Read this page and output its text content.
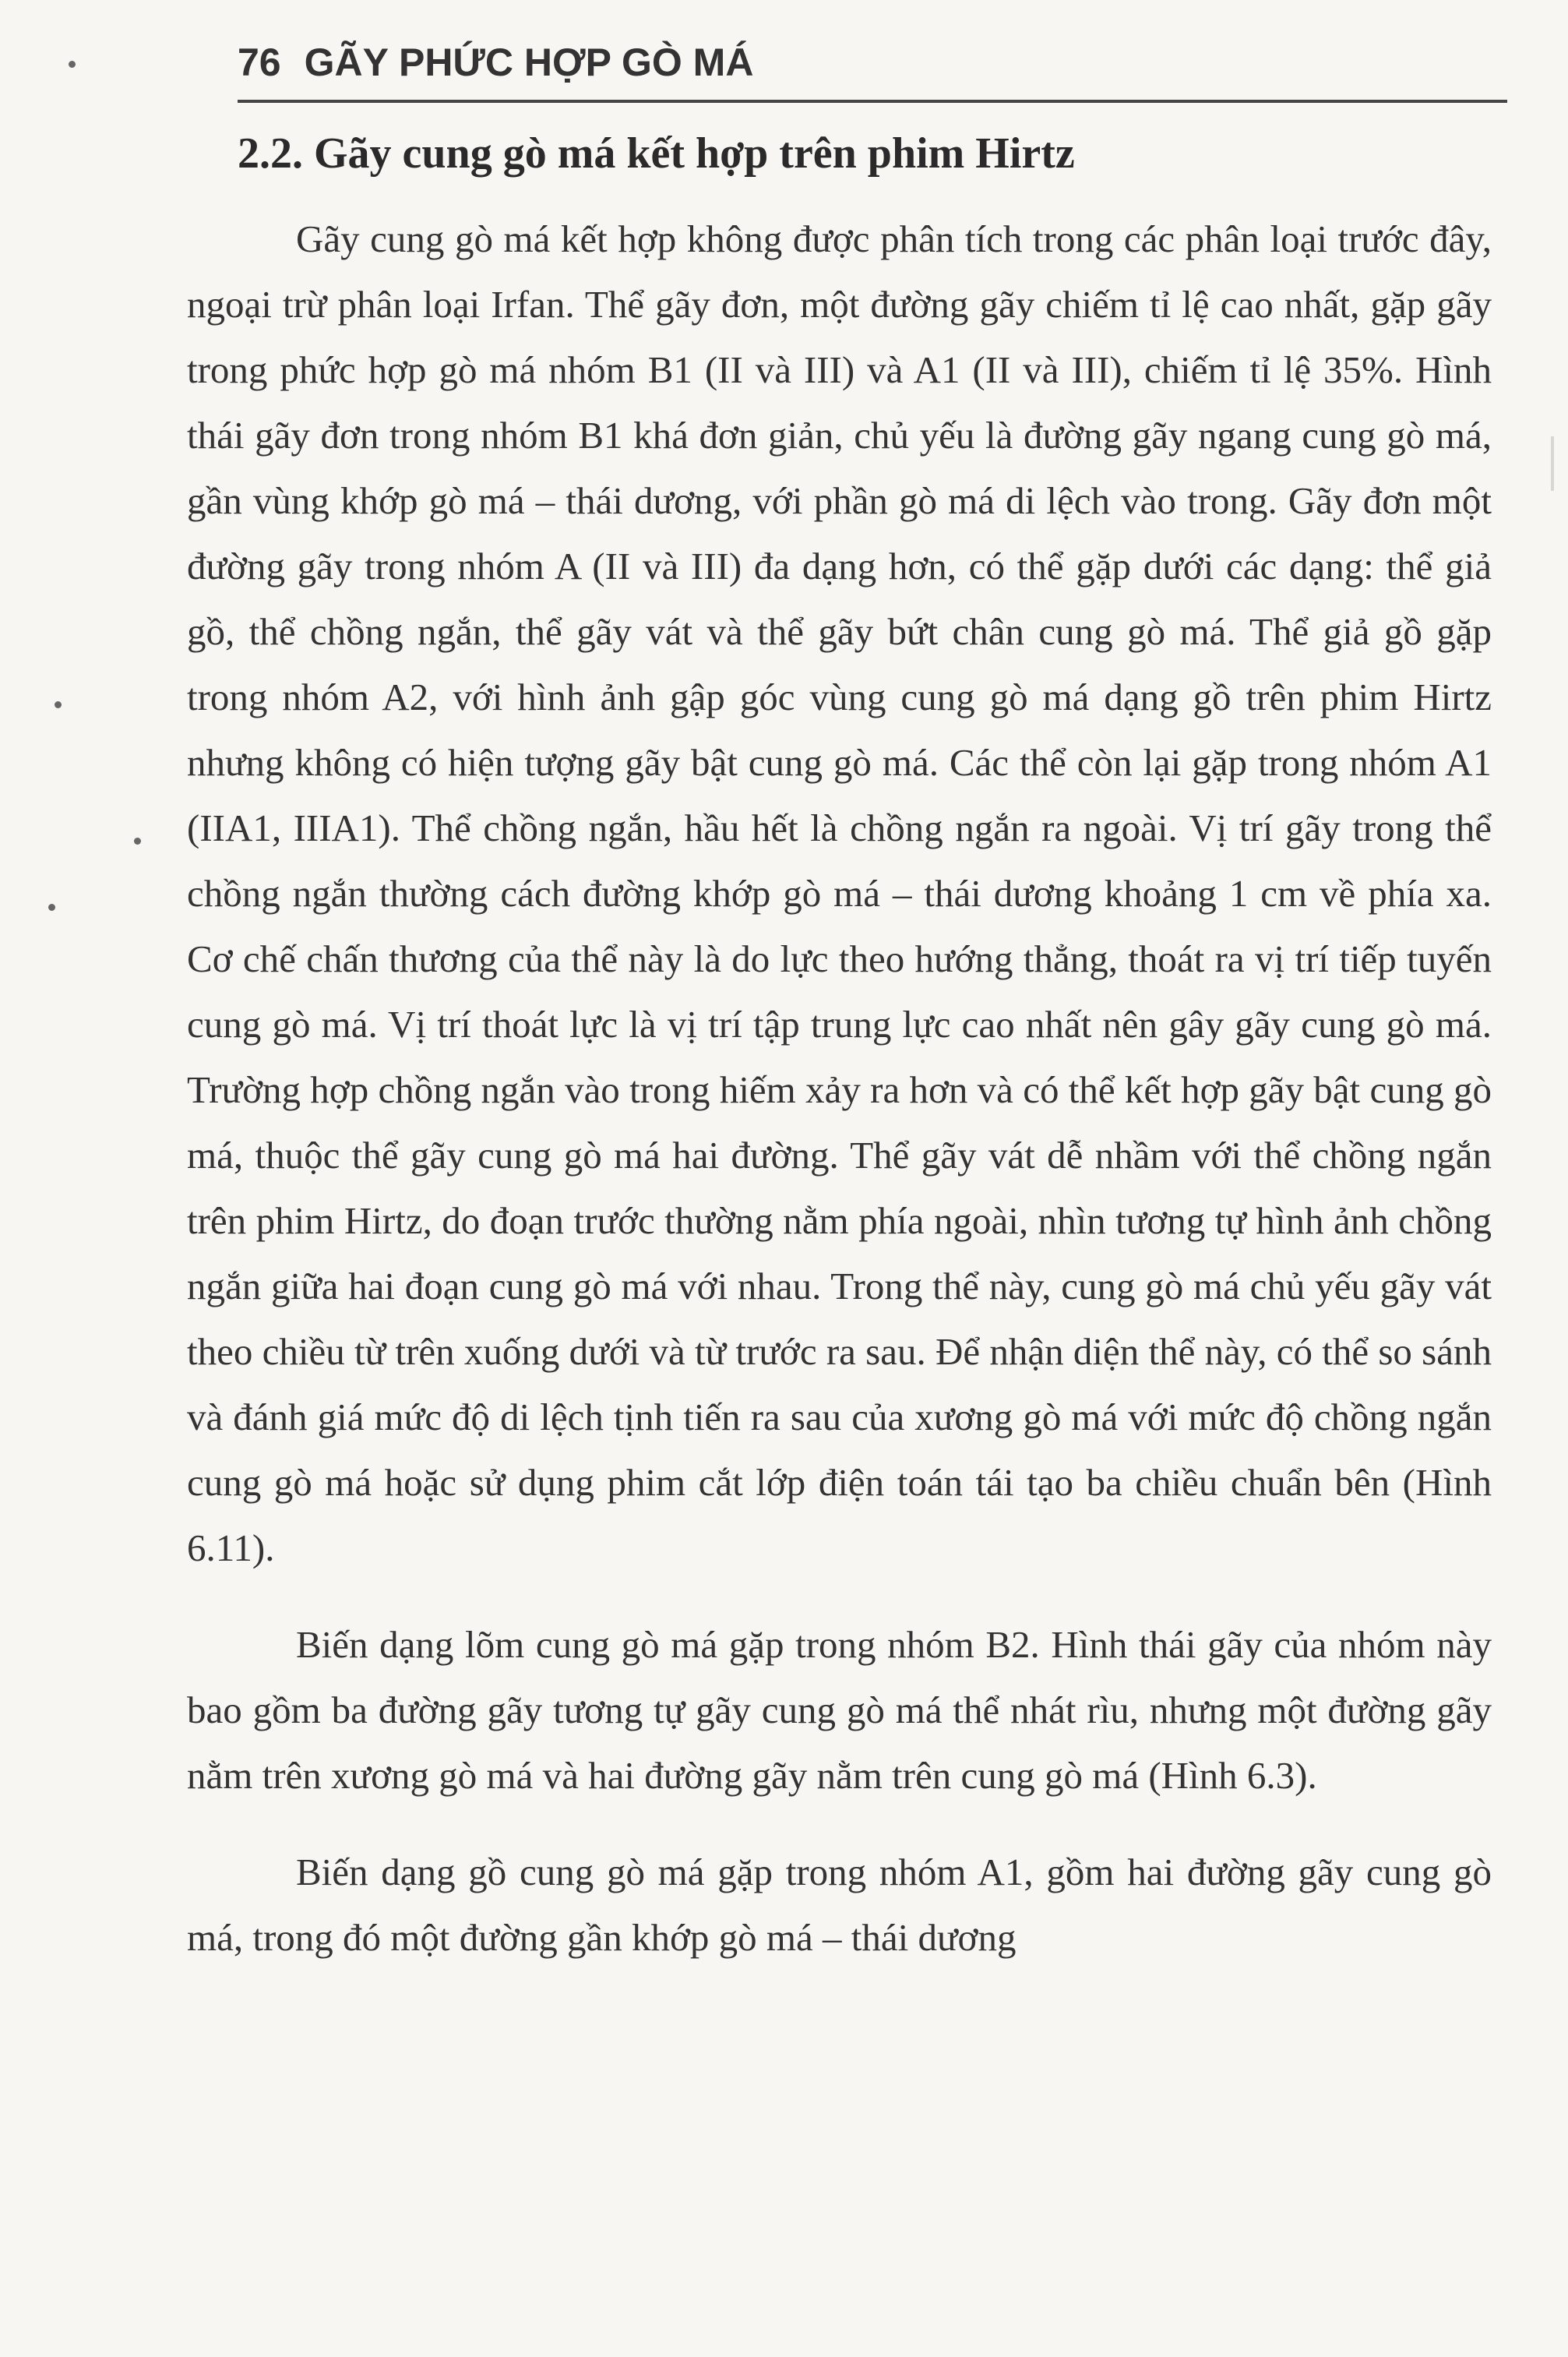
76 GÃY PHỨC HỢP GÒ MÁ
2.2. Gãy cung gò má kết hợp trên phim Hirtz

Gãy cung gò má kết hợp không được phân tích trong các phân loại trước đây, ngoại trừ phân loại Irfan. Thể gãy đơn, một đường gãy chiếm tỉ lệ cao nhất, gặp gãy trong phức hợp gò má nhóm B1 (II và III) và A1 (II và III), chiếm tỉ lệ 35%. Hình thái gãy đơn trong nhóm B1 khá đơn giản, chủ yếu là đường gãy ngang cung gò má, gần vùng khớp gò má – thái dương, với phần gò má di lệch vào trong. Gãy đơn một đường gãy trong nhóm A (II và III) đa dạng hơn, có thể gặp dưới các dạng: thể giả gồ, thể chồng ngắn, thể gãy vát và thể gãy bứt chân cung gò má. Thể giả gồ gặp trong nhóm A2, với hình ảnh gập góc vùng cung gò má dạng gồ trên phim Hirtz nhưng không có hiện tượng gãy bật cung gò má. Các thể còn lại gặp trong nhóm A1 (IIA1, IIIA1). Thể chồng ngắn, hầu hết là chồng ngắn ra ngoài. Vị trí gãy trong thể chồng ngắn thường cách đường khớp gò má – thái dương khoảng 1 cm về phía xa. Cơ chế chấn thương của thể này là do lực theo hướng thẳng, thoát ra vị trí tiếp tuyến cung gò má. Vị trí thoát lực là vị trí tập trung lực cao nhất nên gây gãy cung gò má. Trường hợp chồng ngắn vào trong hiếm xảy ra hơn và có thể kết hợp gãy bật cung gò má, thuộc thể gãy cung gò má hai đường. Thể gãy vát dễ nhầm với thể chồng ngắn trên phim Hirtz, do đoạn trước thường nằm phía ngoài, nhìn tương tự hình ảnh chồng ngắn giữa hai đoạn cung gò má với nhau. Trong thể này, cung gò má chủ yếu gãy vát theo chiều từ trên xuống dưới và từ trước ra sau. Để nhận diện thể này, có thể so sánh và đánh giá mức độ di lệch tịnh tiến ra sau của xương gò má với mức độ chồng ngắn cung gò má hoặc sử dụng phim cắt lớp điện toán tái tạo ba chiều chuẩn bên (Hình 6.11).

Biến dạng lõm cung gò má gặp trong nhóm B2. Hình thái gãy của nhóm này bao gồm ba đường gãy tương tự gãy cung gò má thể nhát rìu, nhưng một đường gãy nằm trên xương gò má và hai đường gãy nằm trên cung gò má (Hình 6.3).

Biến dạng gồ cung gò má gặp trong nhóm A1, gồm hai đường gãy cung gò má, trong đó một đường gần khớp gò má – thái dương
